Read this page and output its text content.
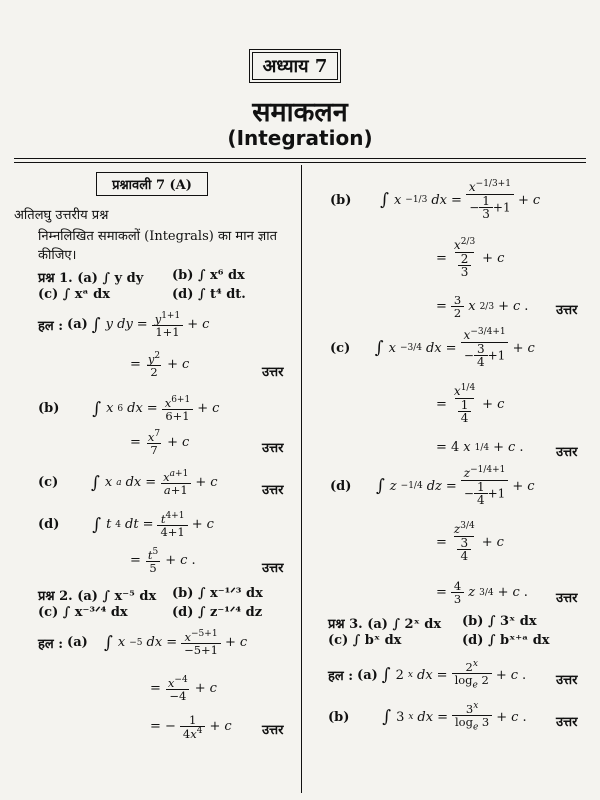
अध्याय 7
समाकलन
(Integration)
प्रश्नावली 7 (A)
अतिलघु उत्तरीय प्रश्न
निम्नलिखित समाकलों (Integrals) का मान ज्ञात कीजिए।
प्रश्न 1. (a) ∫ y dy (b) ∫ x⁶ dx
(c) ∫ xᵃ dx	(d) ∫ t⁴ dt.
हल : (a) ∫ y dy = $\frac{y^{1+1}}{1+1} + c$
= $\frac{y^2}{2} + c$
उत्तर
(b)
∫ x 6 dx = $\frac{x^{6+1}}{6+1} + c$
= $\frac{x^7}{7} + c$	उत्तर
(c)
∫ x a dx = $\frac{x^{a+1}}{a+1} + c$
उत्तर
(d)
∫ t 4 dt = $\frac{t^{4+1}}{4+1} + c$
= $\frac{t^5}{5} + c$ .
उत्तर
प्रश्न 2. (a) ∫ x⁻⁵ dx (b) ∫ x⁻¹ᐟ³ dx
(c) ∫ x⁻³ᐟ⁴ dx	(d) ∫ z⁻¹ᐟ⁴ dz
हल : (a)
∫ x −5 dx = $\frac{x^{-5+1}}{-5+1} + c$
= $\frac{x^{-4}}{-4} + c$
= − $\frac{1}{4x^4} + c$ उत्तर
(b)
∫ x −1/3 dx = $\frac{x^{-1/3+1}}{- \frac{1}{3} +1} + c$
= $\frac{x^{2/3}}{\frac{2}{3}} + c$
= $\frac{3}{2}$ x 2/3 + c . उत्तर
(c)
∫ x −3/4 dx = $\frac{x^{-3/4+1}}{- \frac{3}{4} +1} + c$
= $\frac{x^{1/4}}{\frac{1}{4}} + c$
= 4 x 1/4 + c .	उत्तर
(d)
∫ z −1/4 dz = $\frac{z^{-1/4+1}}{- \frac{1}{4} +1} + c$
= $\frac{z^{3/4}}{\frac{3}{4}} + c$
= $\frac{4}{3}$ z 3/4 + c . उत्तर
प्रश्न 3. (a) ∫ 2ˣ dx (b) ∫ 3ˣ dx
(c) ∫ bˣ dx	(d) ∫ bˣ⁺ᵃ dx
हल : (a) ∫ 2 x dx = $\frac{2^x}{\log_e 2} + c$ . उत्तर
(b)
∫ 3 x dx = $\frac{3^x}{\log_e 3} + c$ . उत्तर
